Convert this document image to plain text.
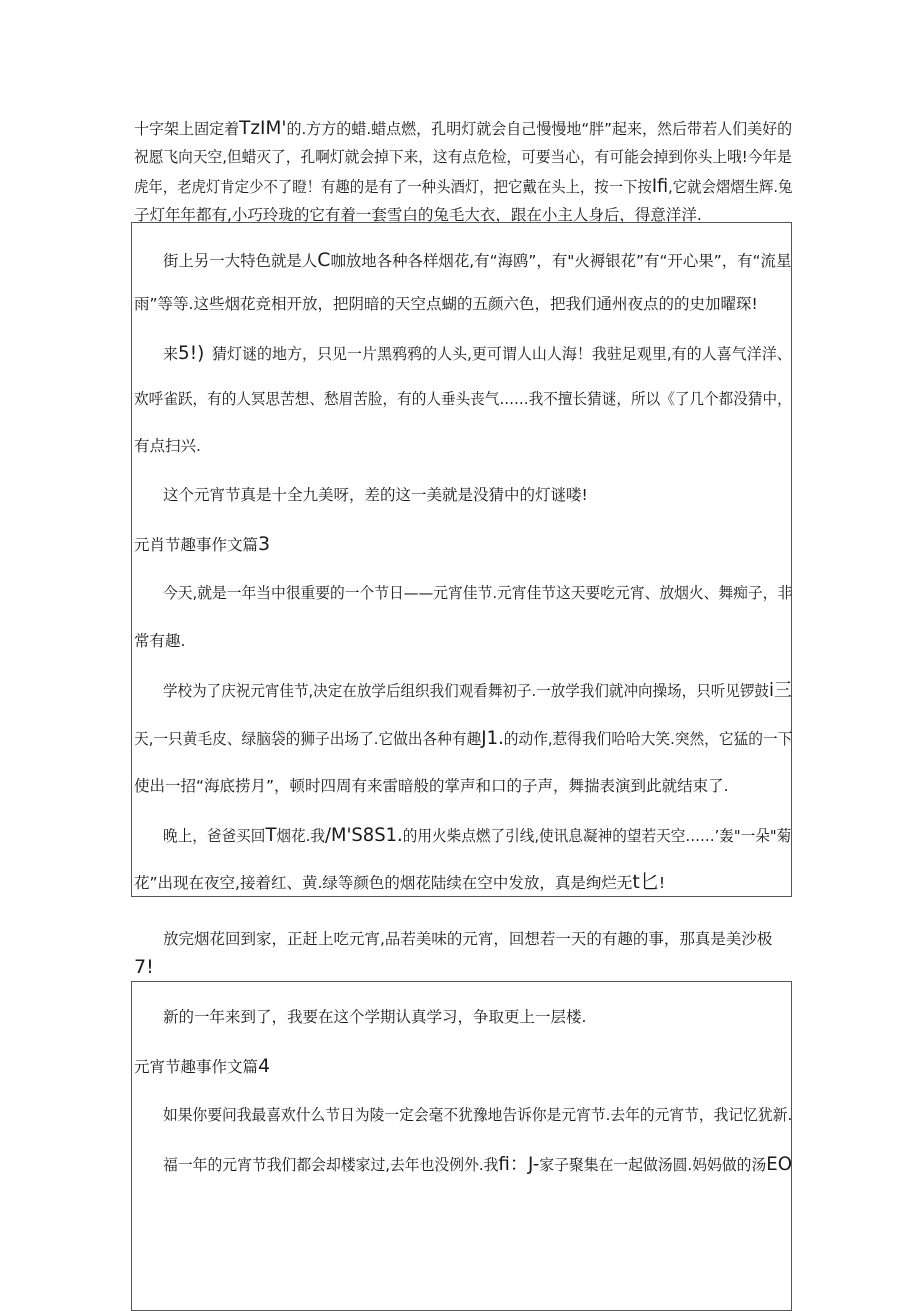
十字架上固定着TzIM'的.方方的蜡.蜡点燃，孔明灯就会自己慢慢地“胖”起来，然后带若人们美好的

祝愿飞向天空,但蜡灭了，孔啊灯就会掉下来，这有点危检，可要当心，有可能会掉到你头上哦!今年是

虎年，老虎灯肯定少不了瞪！有趣的是有了一种头酒灯，把它戴在头上，按一下按Ifi,它就会熠熠生辉.兔

子灯年年都有,小巧玲珑的它有着一套雪白的兔毛大衣，跟在小主人身后，得意洋洋.

街上另一大特色就是人C咖放地各种各样烟花,有“海鸥”，有"火褥银花”有“开心果”，有“流星

雨”等等.这些烟花竞相开放，把阴暗的天空点蝴的五颜六色，把我们通州夜点的的史加曜琛!

来5!) 猜灯谜的地方，只见一片黑鸦鸦的人头,更可谓人山人海！我驻足观里,有的人喜气洋洋、

欢呼雀跃，有的人冥思苦想、愁眉苦脸，有的人垂头丧气……我不擅长猜谜，所以《了几个都没猜中，

有点扫兴.

这个元宵节真是十全九美呀，差的这一美就是没猜中的灯谜喽!

元肖节趣事作文篇3

今天,就是一年当中很重要的一个节日——元宵佳节.元宵佳节这天要吃元宵、放烟火、舞痴子，非

常有趣.

学校为了庆祝元宵佳节,决定在放学后组织我们观看舞初子.一放学我们就冲向操场，只听见锣鼓i三

天,一只黄毛皮、绿脑袋的狮子出场了.它做出各种有趣J1.的动作,惹得我们哈哈大笑.突然，它猛的一下

使出一招“海底捞月”，顿时四周有来雷暗般的掌声和口的子声，舞揣表演到此就结束了.

晚上，爸爸买回T烟花.我/M'S8S1.的用火柴点燃了引线,使讯息凝神的望若天空……’轰"一朵"菊

花”出现在夜空,接着红、黄.绿等颜色的烟花陆续在空中发放，真是绚烂无t匕!

放完烟花回到家，正赶上吃元宵,品若美味的元宵，回想若一天的有趣的事，那真是美沙极

7!

新的一年来到了，我要在这个学期认真学习，争取更上一层楼.

元宵节趣事作文篇4

如果你要问我最喜欢什么节日为陵一定会毫不犹豫地告诉你是元宵节.去年的元宵节，我记忆犹新.

福一年的元宵节我们都会却楼家过,去年也没例外.我fi：J-家子聚集在一起做汤圆.妈妈做的汤EO
